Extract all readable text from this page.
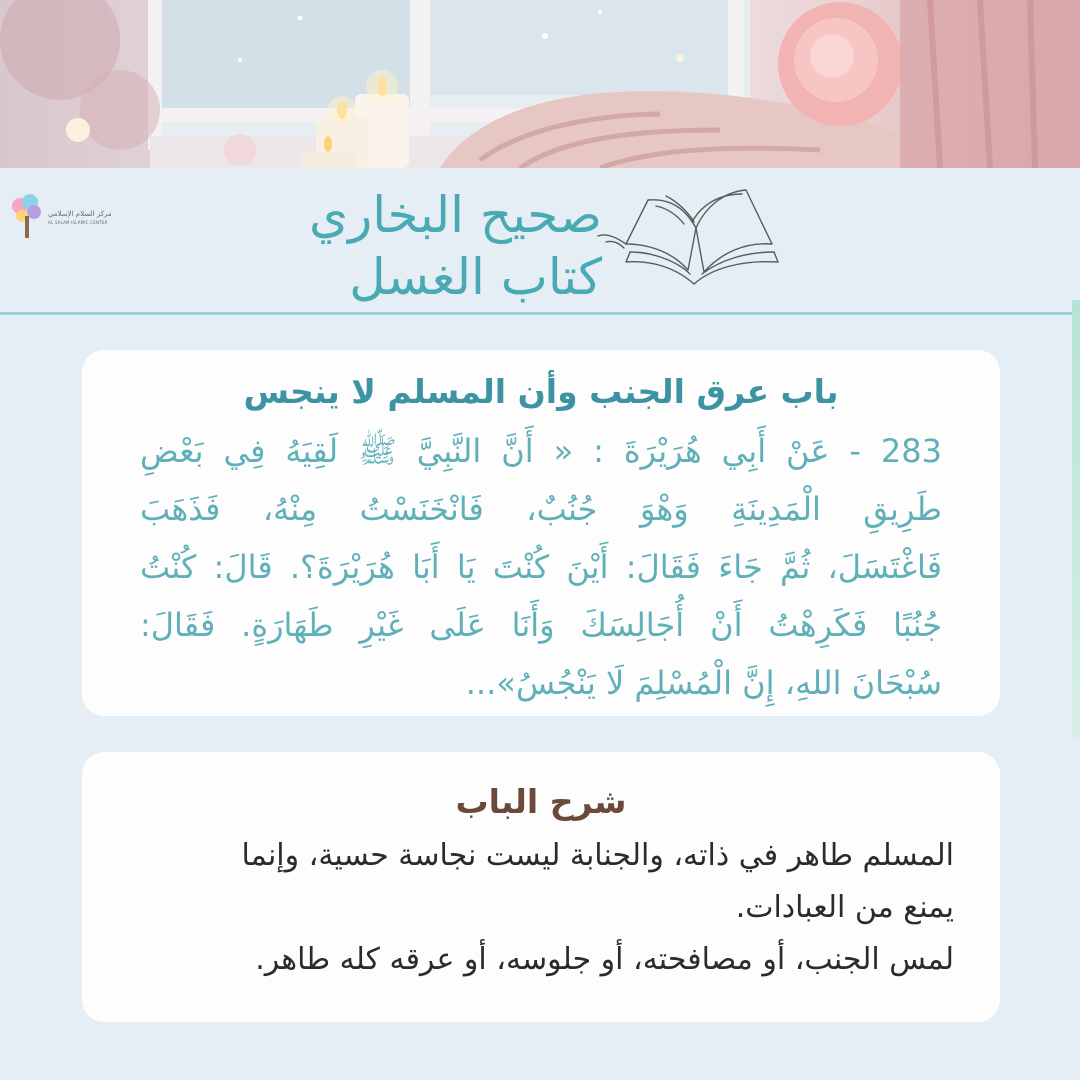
مركز السلام الإسلامي
AL SALAM ISLAMIC CENTER	صحيح البخاري
كتاب الغسل
باب عرق الجنب وأن المسلم لا ينجس

283 - عَنْ أَبِي هُرَيْرَةَ : « أَنَّ النَّبِيَّ ﷺ لَقِيَهُ فِي بَعْضِ

طَرِيقِ الْمَدِينَةِ وَهْوَ جُنُبٌ، فَانْخَنَسْتُ مِنْهُ، فَذَهَبَ

فَاغْتَسَلَ، ثُمَّ جَاءَ فَقَالَ: أَيْنَ كُنْتَ يَا أَبَا هُرَيْرَةَ؟. قَالَ: كُنْتُ

جُنُبًا فَكَرِهْتُ أَنْ أُجَالِسَكَ وَأَنَا عَلَى غَيْرِ طَهَارَةٍ. فَقَالَ:

سُبْحَانَ اللهِ، إِنَّ الْمُسْلِمَ لَا يَنْجُسُ»...

شرح الباب

المسلم طاهر في ذاته، والجنابة ليست نجاسة حسية، وإنما

يمنع من العبادات.

لمس الجنب، أو مصافحته، أو جلوسه، أو عرقه كله طاهر.
